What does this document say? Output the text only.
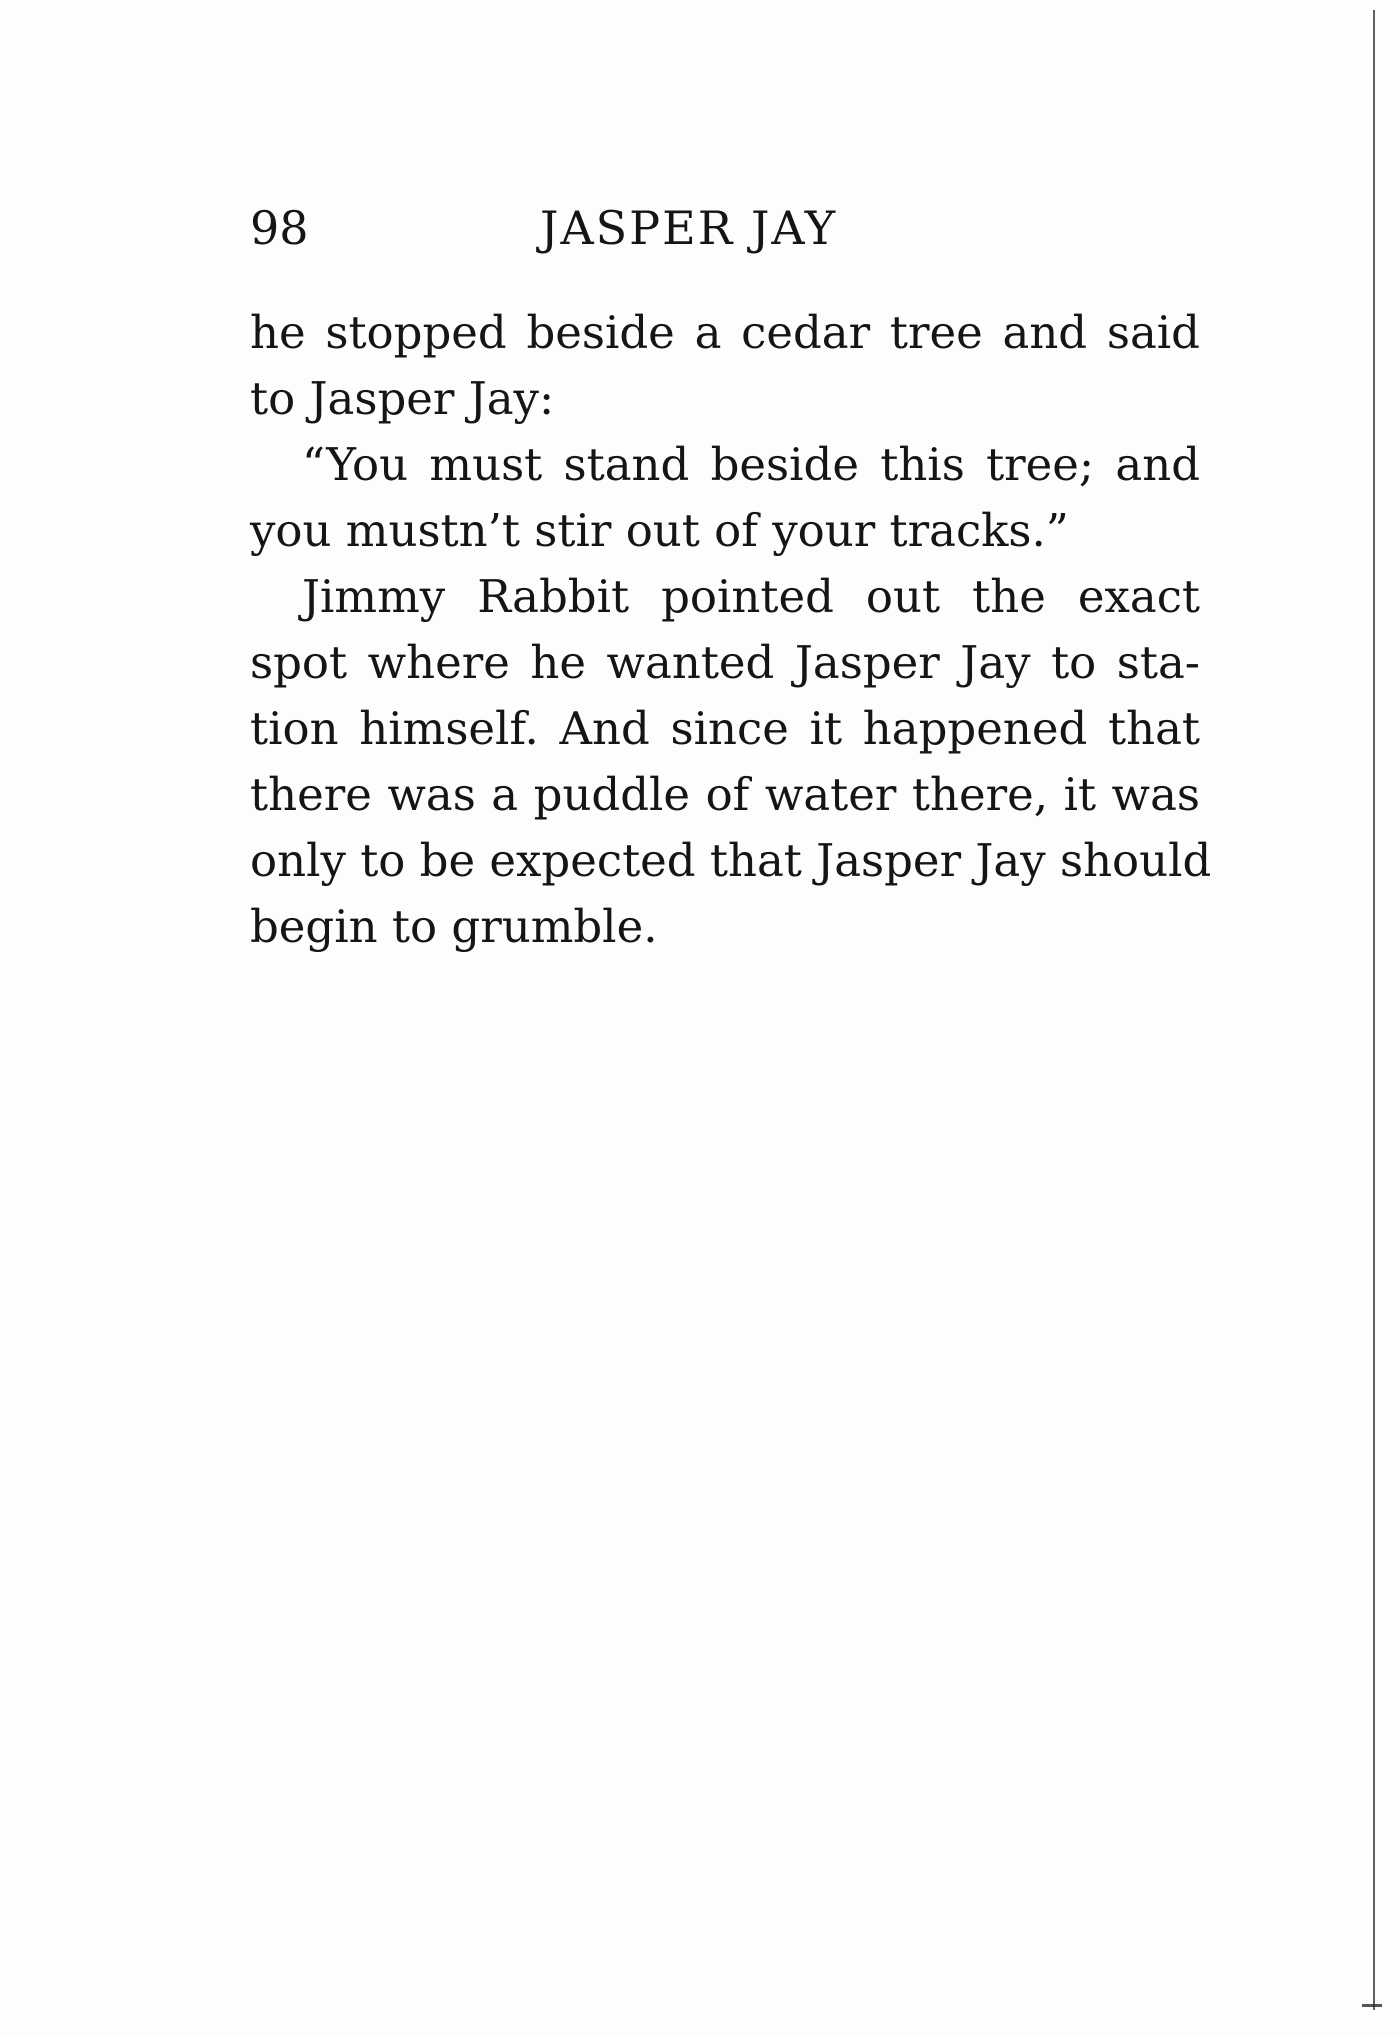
98	JASPER JAY
he stopped beside a cedar tree and said
to Jasper Jay:
“You must stand beside this tree; and
you mustn’t stir out of your tracks.”
Jimmy Rabbit pointed out the exact
spot where he wanted Jasper Jay to sta-
tion himself. And since it happened that
there was a puddle of water there, it was
only to be expected that Jasper Jay should
begin to grumble.
